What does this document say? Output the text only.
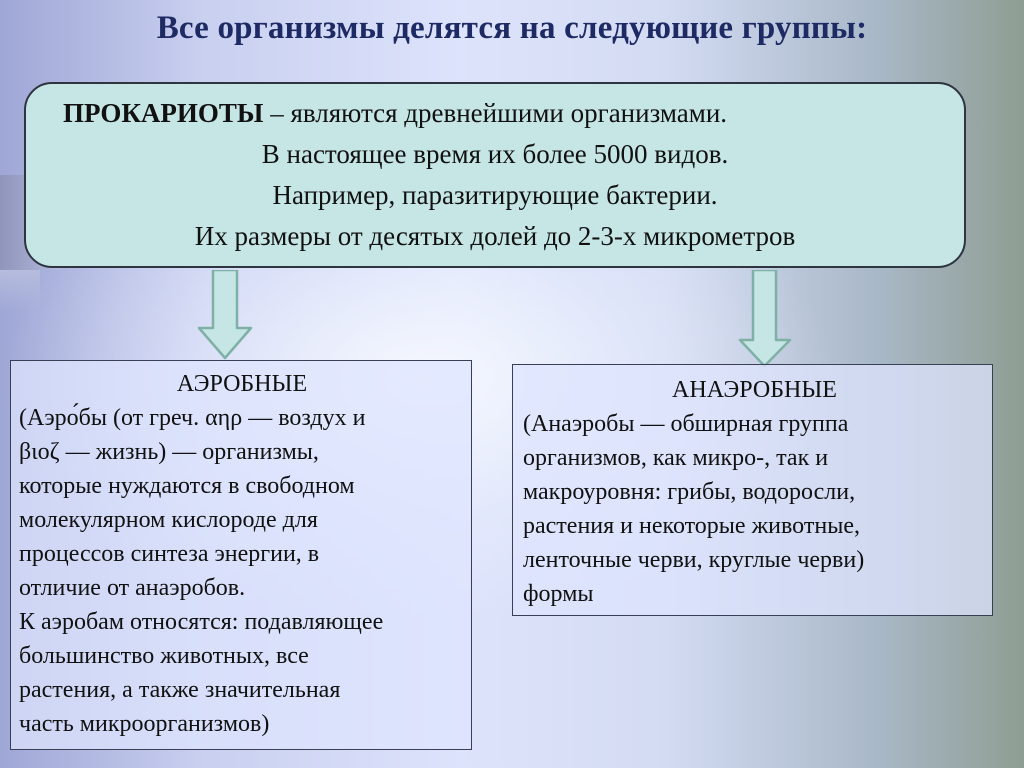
Все организмы делятся на следующие группы:

ПРОКАРИОТЫ – являются древнейшими организмами.

В настоящее время их более 5000 видов.

Например, паразитирующие бактерии.

Их размеры от десятых долей до 2-3-х микрометров

АЭРОБНЫЕ

(Аэро́бы (от греч. αηρ — воздух и
βιοζ — жизнь) — организмы,
которые нуждаются в свободном
молекулярном кислороде для
процессов синтеза энергии, в
отличие от анаэробов.
К аэробам относятся: подавляющее
большинство животных, все
растения, а также значительная
часть микроорганизмов)

АНАЭРОБНЫЕ

(Анаэробы — обширная группа
организмов, как микро-, так и
макроуровня: грибы, водоросли,
растения и некоторые животные,
ленточные черви, круглые черви)
формы
